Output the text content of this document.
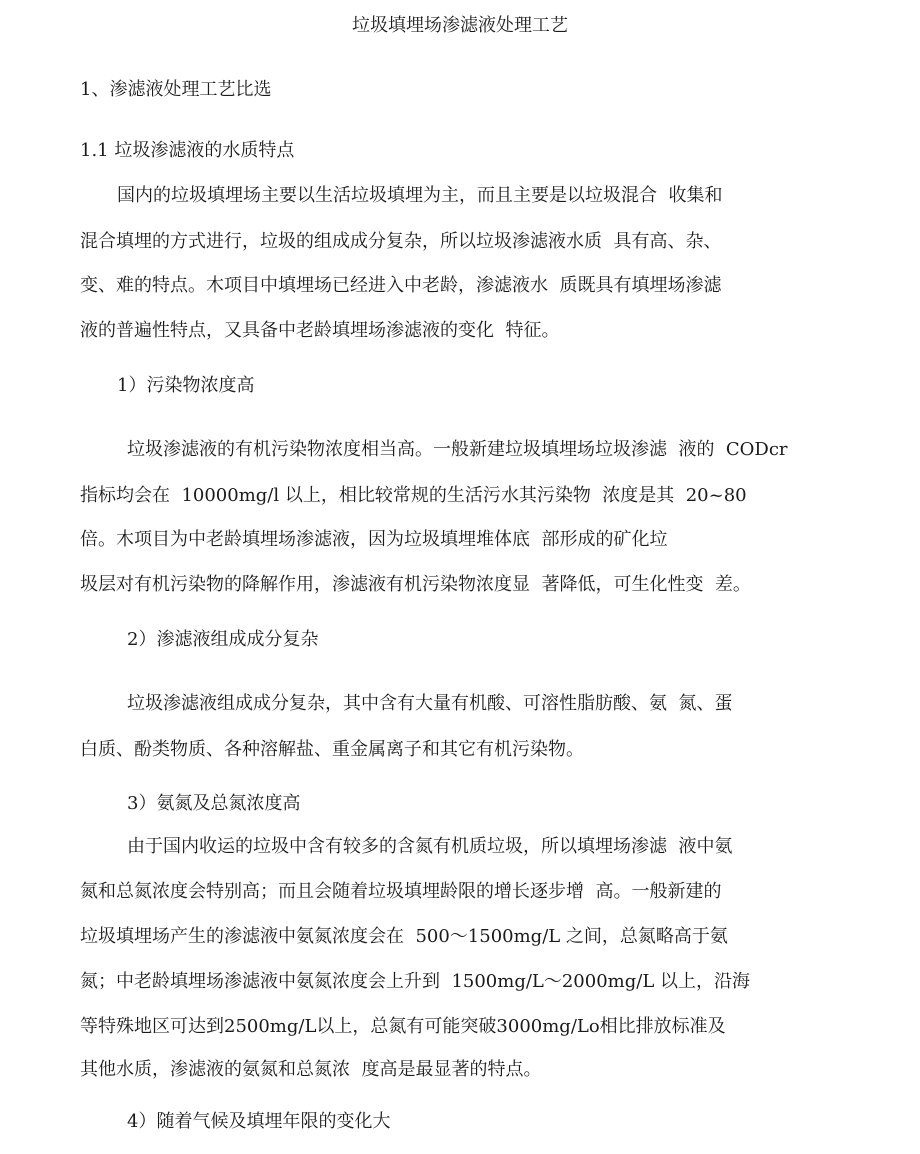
垃圾填埋场渗滤液处理工艺
1、渗滤液处理工艺比选
1.1 垃圾渗滤液的水质特点
国内的垃圾填埋场主要以生活垃圾填埋为主，而且主要是以垃圾混合  收集和
混合填埋的方式进行，垃圾的组成成分复杂，所以垃圾渗滤液水质  具有高、杂、
变、难的特点。木项目中填埋场已经进入中老龄，渗滤液水  质既具有填埋场渗滤
液的普遍性特点，又具备中老龄填埋场渗滤液的变化  特征。
1）污染物浓度高
垃圾渗滤液的有机污染物浓度相当高。一般新建垃圾填埋场垃圾渗滤  液的  CODcr
指标均会在  10000mg/l 以上，相比较常规的生活污水其污染物  浓度是其  20~80
倍。木项目为中老龄填埋场渗滤液，因为垃圾填埋堆体底  部形成的矿化垃
圾层对有机污染物的降解作用，渗滤液有机污染物浓度显  著降低，可生化性变  差。
2）渗滤液组成成分复杂
垃圾渗滤液组成成分复杂，其中含有大量有机酸、可溶性脂肪酸、氨  氮、蛋
白质、酚类物质、各种溶解盐、重金属离子和其它有机污染物。
3）氨氮及总氮浓度高
由于国内收运的垃圾中含有较多的含氮有机质垃圾，所以填埋场渗滤  液中氨
氮和总氮浓度会特别高；而且会随着垃圾填埋龄限的增长逐步增  高。一般新建的
垃圾填埋场产生的渗滤液中氨氮浓度会在  500～1500mg/L 之间，总氮略高于氨
氮；中老龄填埋场渗滤液中氨氮浓度会上升到  1500mg/L～2000mg/L 以上，沿海
等特殊地区可达到2500mg/L以上，总氮有可能突破3000mg/Lo相比排放标准及
其他水质，渗滤液的氨氮和总氮浓  度高是最显著的特点。
4）随着气候及填埋年限的变化大
